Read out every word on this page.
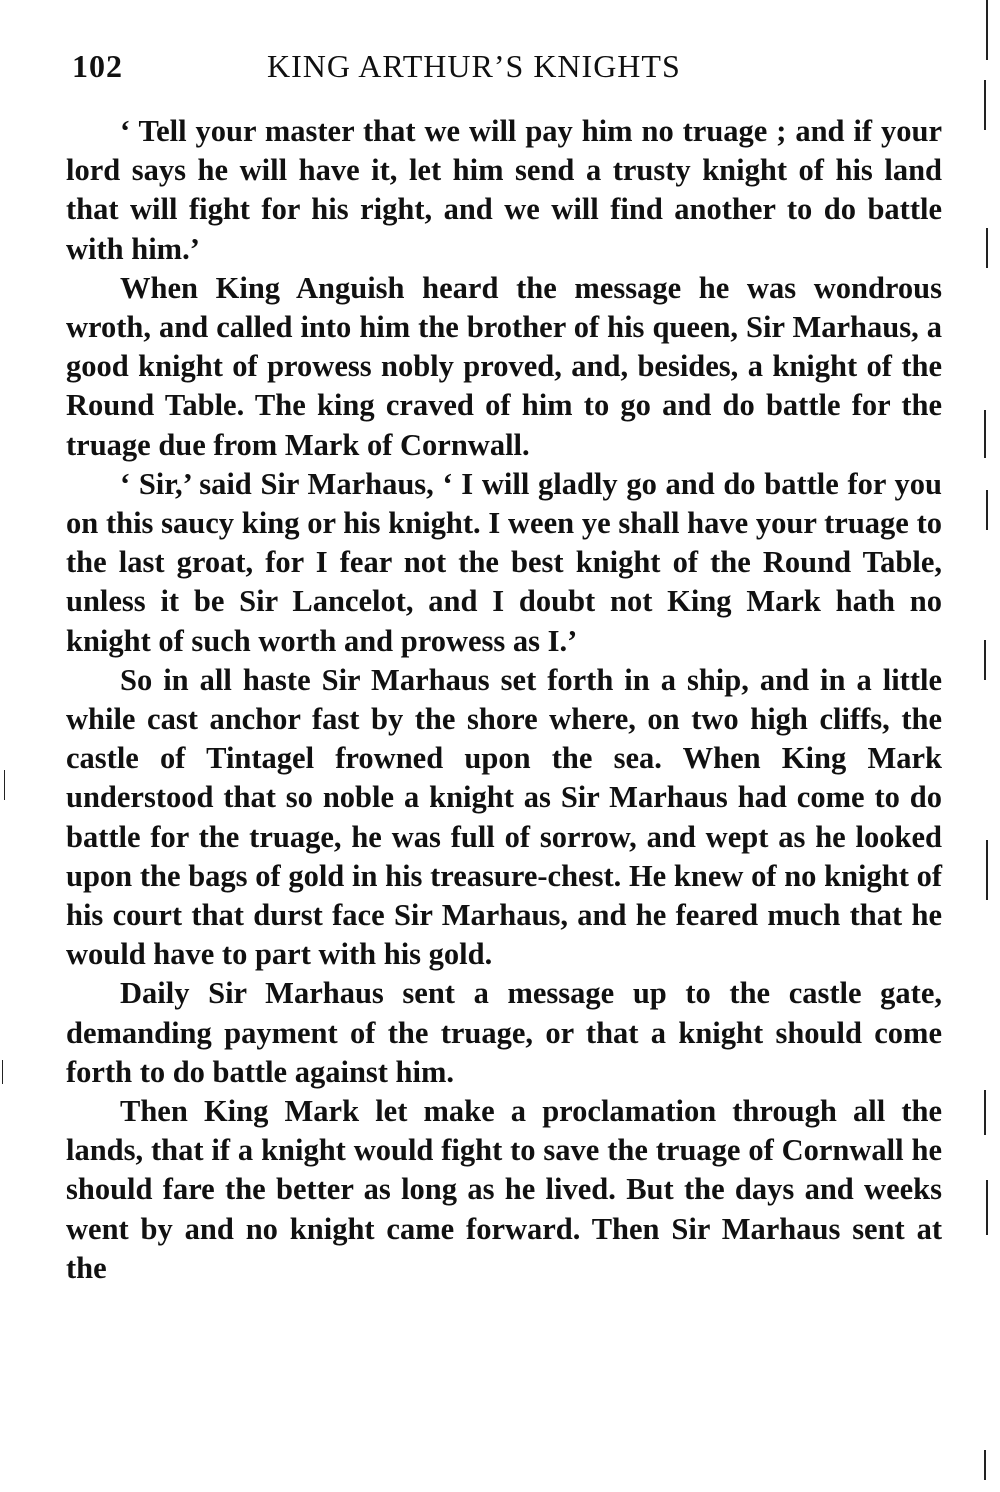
102	KING ARTHUR’S KNIGHTS

‘ Tell your master that we will pay him no truage ; and if your lord says he will have it, let him send a trusty knight of his land that will fight for his right, and we will find another to do battle with him.’

When King Anguish heard the message he was wondrous wroth, and called into him the brother of his queen, Sir Marhaus, a good knight of prowess nobly proved, and, besides, a knight of the Round Table. The king craved of him to go and do battle for the truage due from Mark of Cornwall.

‘ Sir,’ said Sir Marhaus, ‘ I will gladly go and do battle for you on this saucy king or his knight. I ween ye shall have your truage to the last groat, for I fear not the best knight of the Round Table, unless it be Sir Lancelot, and I doubt not King Mark hath no knight of such worth and prowess as I.’

So in all haste Sir Marhaus set forth in a ship, and in a little while cast anchor fast by the shore where, on two high cliffs, the castle of Tintagel frowned upon the sea. When King Mark understood that so noble a knight as Sir Marhaus had come to do battle for the truage, he was full of sorrow, and wept as he looked upon the bags of gold in his treasure-chest. He knew of no knight of his court that durst face Sir Marhaus, and he feared much that he would have to part with his gold.

Daily Sir Marhaus sent a message up to the castle gate, demanding payment of the truage, or that a knight should come forth to do battle against him.

Then King Mark let make a proclamation through all the lands, that if a knight would fight to save the truage of Cornwall he should fare the better as long as he lived. But the days and weeks went by and no knight came forward. Then Sir Marhaus sent at the
